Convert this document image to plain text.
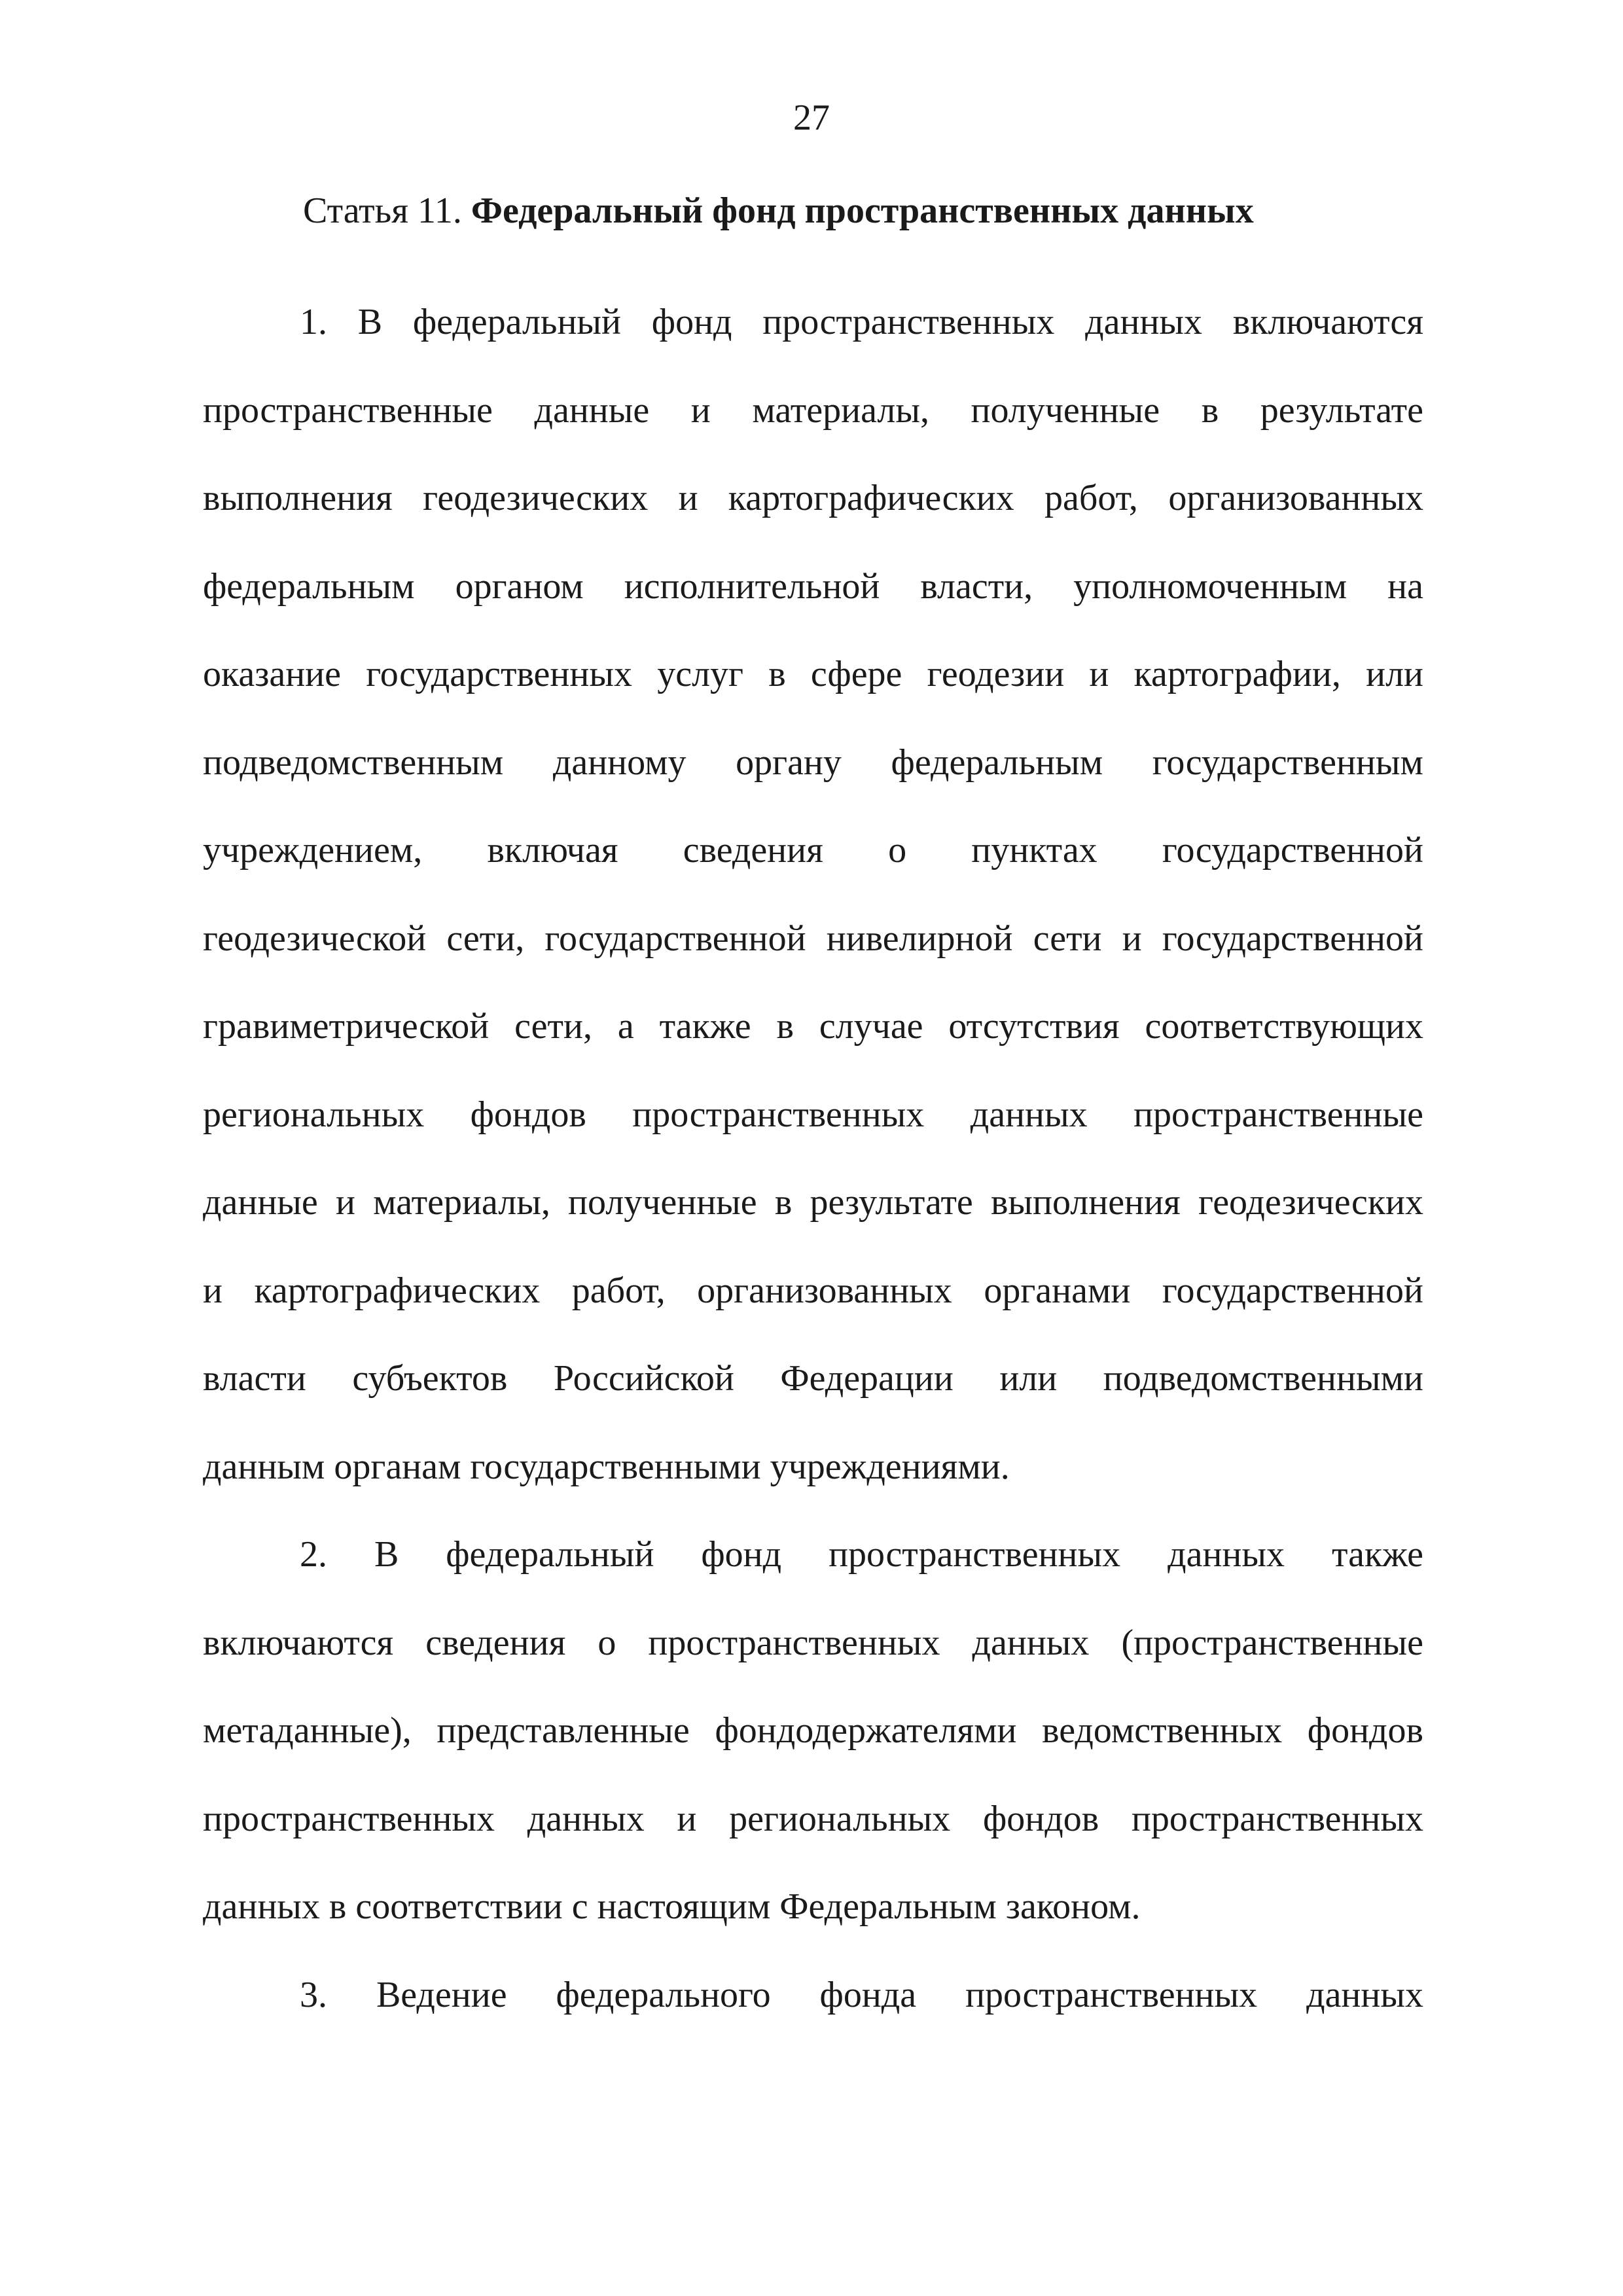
27
Статья 11. Федеральный фонд пространственных данных
1. В федеральный фонд пространственных данных включаются
пространственные данные и материалы, полученные в результате
выполнения геодезических и картографических работ, организованных
федеральным органом исполнительной власти, уполномоченным на
оказание государственных услуг в сфере геодезии и картографии, или
подведомственным данному органу федеральным государственным
учреждением, включая сведения о пунктах государственной
геодезической сети, государственной нивелирной сети и государственной
гравиметрической сети, а также в случае отсутствия соответствующих
региональных фондов пространственных данных пространственные
данные и материалы, полученные в результате выполнения геодезических
и картографических работ, организованных органами государственной
власти субъектов Российской Федерации или подведомственными
данным органам государственными учреждениями.
2. В федеральный фонд пространственных данных также
включаются сведения о пространственных данных (пространственные
метаданные), представленные фондодержателями ведомственных фондов
пространственных данных и региональных фондов пространственных
данных в соответствии с настоящим Федеральным законом.
3. Ведение федерального фонда пространственных данных
